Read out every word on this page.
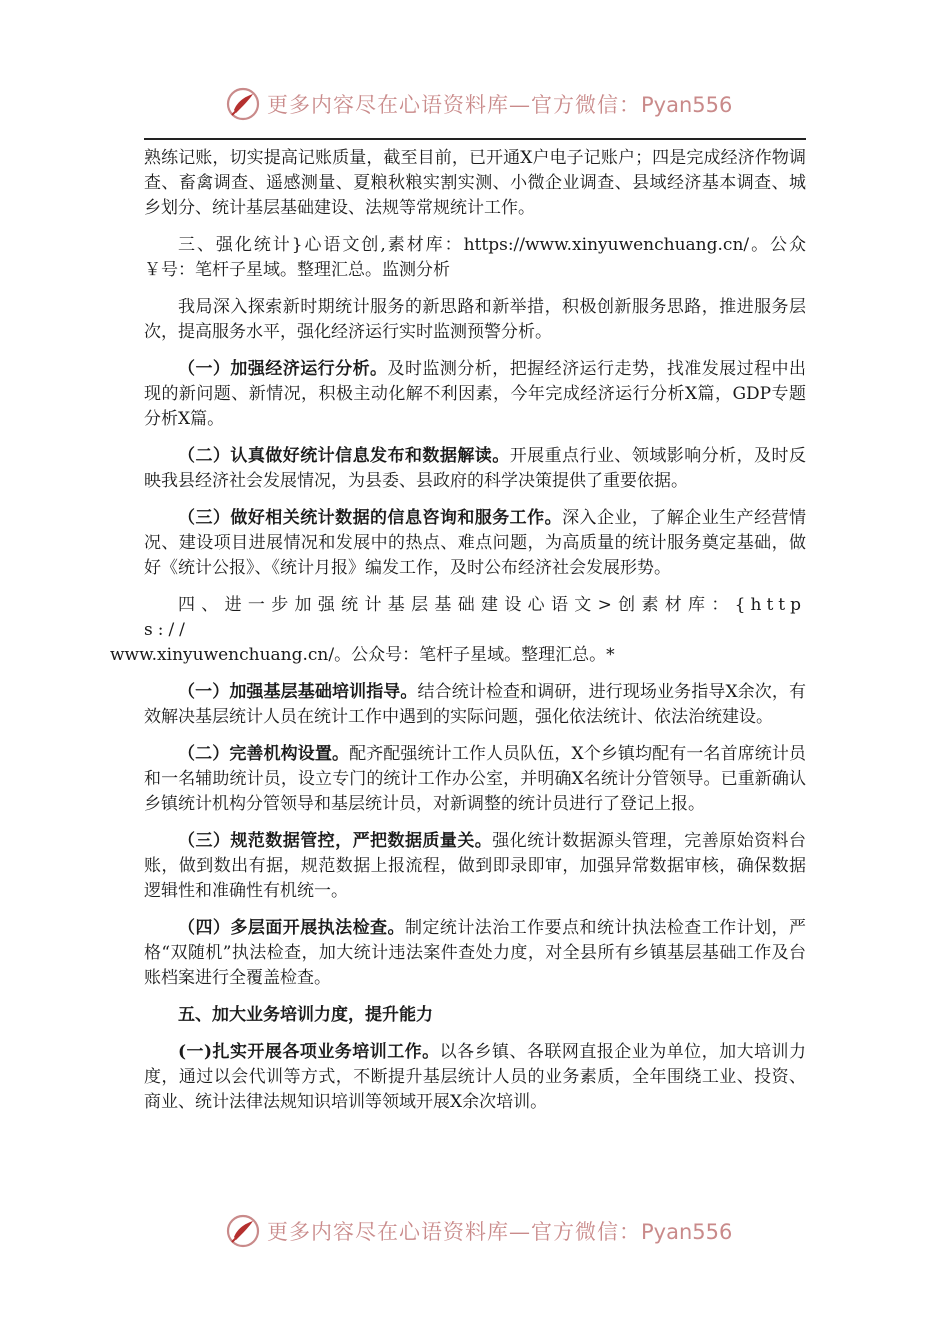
更多内容尽在心语资料库—官方微信：Pyan556

熟练记账，切实提高记账质量，截至目前，已开通X户电子记账户；四是完成经济作物调查、畜禽调查、遥感测量、夏粮秋粮实割实测、小微企业调查、县域经济基本调查、城乡划分、统计基层基础建设、法规等常规统计工作。

三、强化统计}心语文创,素材库：https://www.xinyuwenchuang.cn/。公众￥号：笔杆子星域。整理汇总。监测分析

我局深入探索新时期统计服务的新思路和新举措，积极创新服务思路，推进服务层次，提高服务水平，强化经济运行实时监测预警分析。

（一）加强经济运行分析。及时监测分析，把握经济运行走势，找准发展过程中出现的新问题、新情况，积极主动化解不利因素，今年完成经济运行分析X篇，GDP专题分析X篇。

（二）认真做好统计信息发布和数据解读。开展重点行业、领域影响分析，及时反映我县经济社会发展情况，为县委、县政府的科学决策提供了重要依据。

（三）做好相关统计数据的信息咨询和服务工作。深入企业，了解企业生产经营情况、建设项目进展情况和发展中的热点、难点问题，为高质量的统计服务奠定基础，做好《统计公报》、《统计月报》编发工作，及时公布经济社会发展形势。

四、进一步加强统计基层基础建设心语文>创素材库：{https://
www.xinyuwenchuang.cn/。公众号：笔杆子星域。整理汇总。*

（一）加强基层基础培训指导。结合统计检查和调研，进行现场业务指导X余次，有效解决基层统计人员在统计工作中遇到的实际问题，强化依法统计、依法治统建设。

（二）完善机构设置。配齐配强统计工作人员队伍，X个乡镇均配有一名首席统计员和一名辅助统计员，设立专门的统计工作办公室，并明确X名统计分管领导。已重新确认乡镇统计机构分管领导和基层统计员，对新调整的统计员进行了登记上报。

（三）规范数据管控，严把数据质量关。强化统计数据源头管理，完善原始资料台账，做到数出有据，规范数据上报流程，做到即录即审，加强异常数据审核，确保数据逻辑性和准确性有机统一。

（四）多层面开展执法检查。制定统计法治工作要点和统计执法检查工作计划，严格“双随机”执法检查，加大统计违法案件查处力度，对全县所有乡镇基层基础工作及台账档案进行全覆盖检查。

五、加大业务培训力度，提升能力

(一)扎实开展各项业务培训工作。以各乡镇、各联网直报企业为单位，加大培训力度，通过以会代训等方式，不断提升基层统计人员的业务素质，全年围绕工业、投资、商业、统计法律法规知识培训等领域开展X余次培训。

更多内容尽在心语资料库—官方微信：Pyan556
